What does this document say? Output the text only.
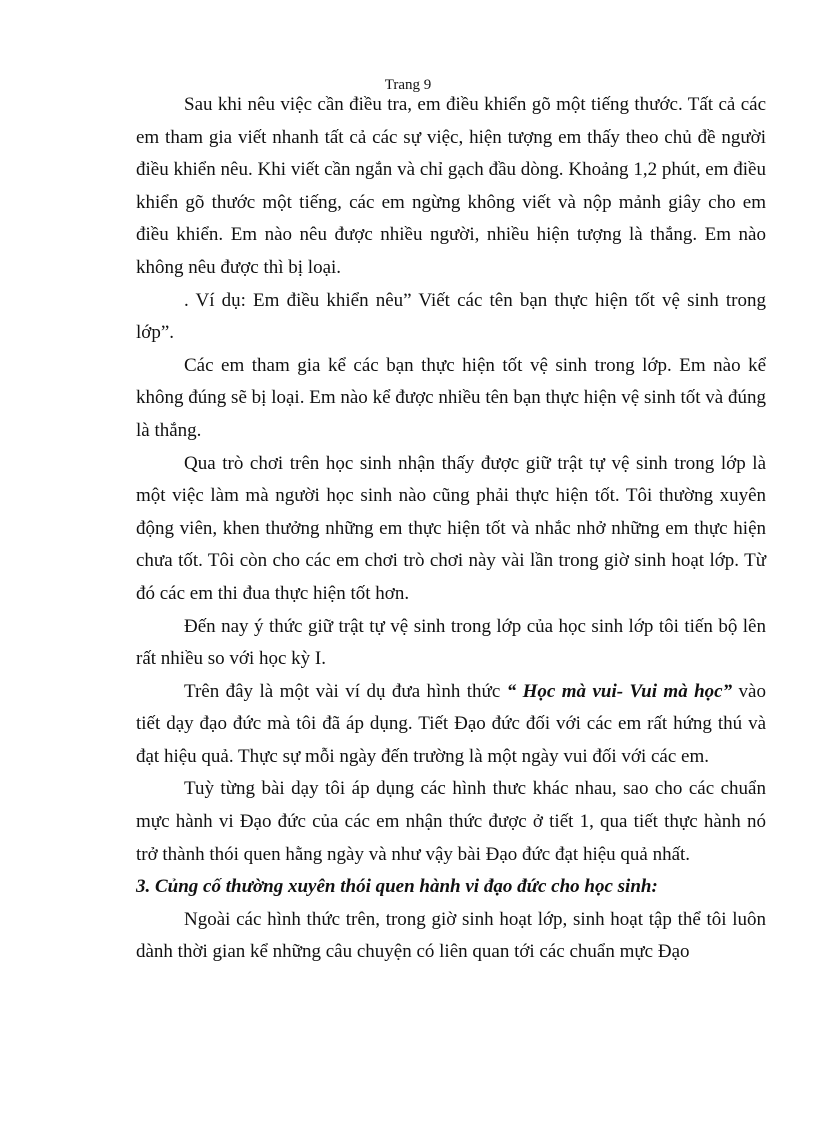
Trang 9

Sau khi nêu việc cần điều tra, em điều khiển gõ một tiếng thước. Tất cả các em tham gia viết nhanh tất cả các sự việc, hiện tượng em thấy theo chủ đề người điều khiển nêu. Khi viết cần ngắn và chỉ gạch đầu dòng. Khoảng 1,2 phút, em điều khiển gõ thước một tiếng, các em ngừng không viết và nộp mảnh giây cho em điều khiển. Em nào nêu được nhiều người, nhiều hiện tượng là thắng. Em nào không nêu được thì bị loại.

. Ví dụ: Em điều khiển nêu” Viết các tên bạn thực hiện tốt vệ sinh trong lớp”.

Các em tham gia kể các bạn thực hiện tốt vệ sinh trong lớp. Em nào kể không đúng sẽ bị loại. Em nào kể được nhiều tên bạn thực hiện vệ sinh tốt và đúng là thắng.

Qua trò chơi trên học sinh nhận thấy được giữ trật tự vệ sinh trong lớp là một việc làm mà người học sinh nào cũng phải thực hiện tốt. Tôi thường xuyên động viên, khen thưởng những em thực hiện tốt và nhắc nhở những em thực hiện chưa tốt. Tôi còn cho các em chơi trò chơi này vài lần trong giờ sinh hoạt lớp. Từ đó các em thi đua thực hiện tốt hơn.

Đến nay ý thức giữ trật tự vệ sinh trong lớp của học sinh lớp tôi tiến bộ lên rất nhiều so với học kỳ I.

Trên đây là một vài ví dụ đưa hình thức “ Học mà vui- Vui mà học” vào tiết dạy đạo đức mà tôi đã áp dụng. Tiết Đạo đức đối với các em rất hứng thú và đạt hiệu quả. Thực sự mỗi ngày đến trường là một ngày vui đối với các em.

Tuỳ từng bài dạy tôi áp dụng các hình thưc khác nhau, sao cho các chuẩn mực hành vi Đạo đức của các em nhận thức được ở tiết 1, qua tiết thực hành nó trở thành thói quen hằng ngày và như vậy bài Đạo đức đạt hiệu quả nhất.

3. Củng cố thường xuyên thói quen hành vi đạo đức cho học sinh:

Ngoài các hình thức trên, trong giờ sinh hoạt lớp, sinh hoạt tập thể tôi luôn dành thời gian kể những câu chuyện có liên quan tới các chuẩn mực Đạo
